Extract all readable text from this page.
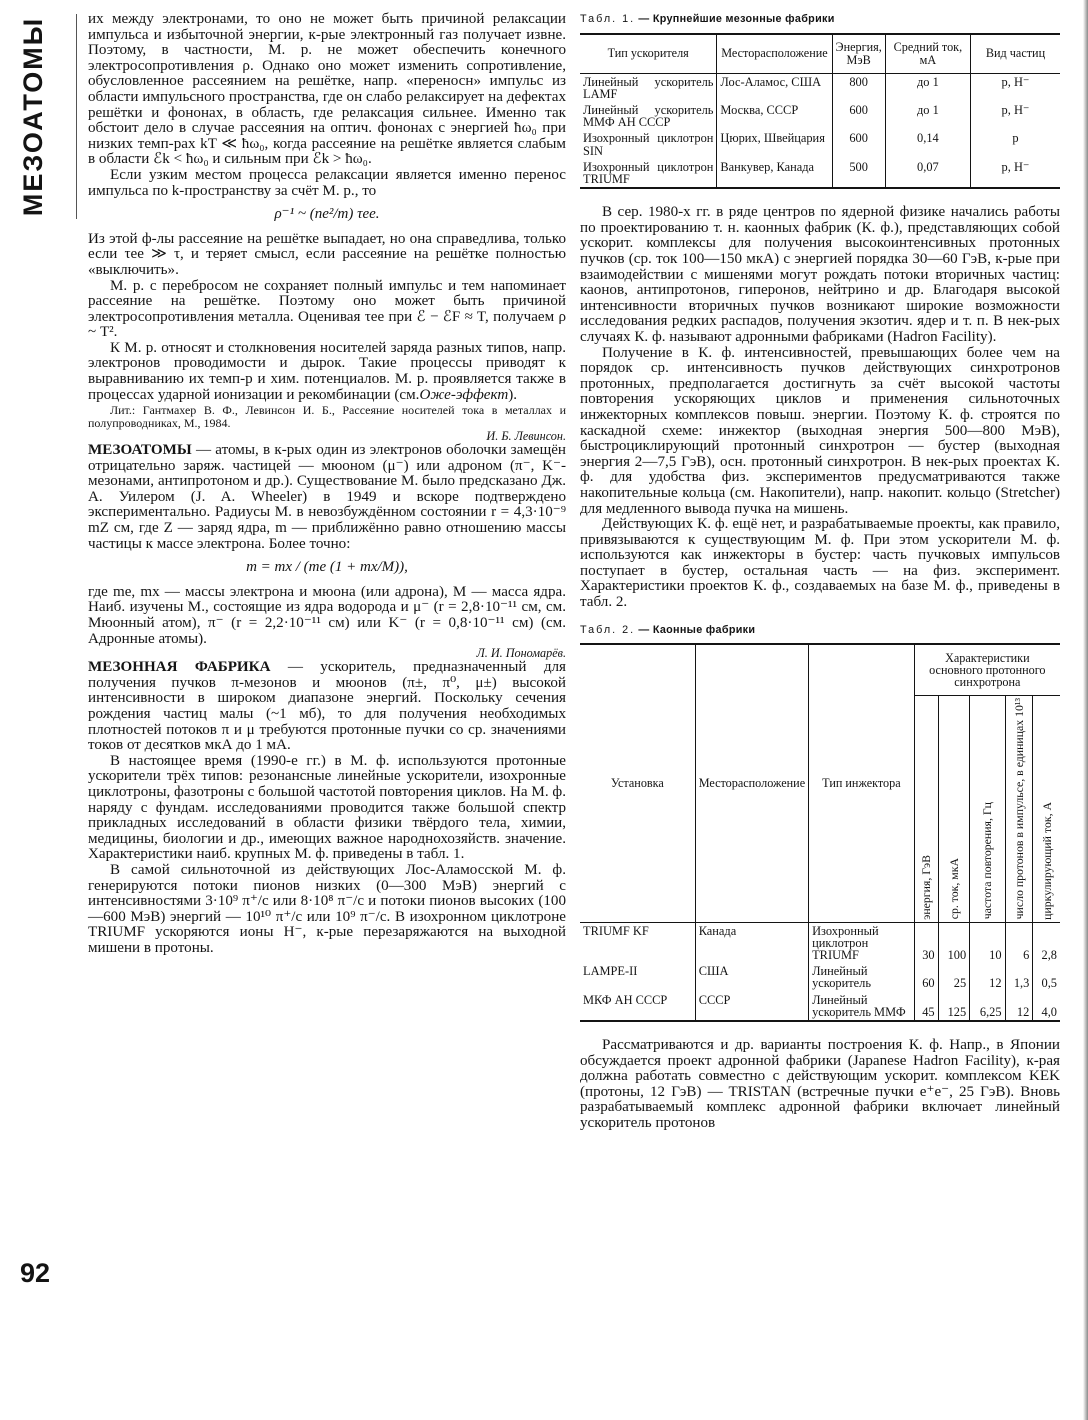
МЕЗОАТОМЫ
92

их между электронами, то оно не может быть причиной релаксации импульса и избыточной энергии, к-рые электронный газ получает извне. Поэтому, в частности, М. р. не может обеспечить конечного электросопротивления ρ. Однако оно может изменить сопротивление, обусловленное рассеянием на решётке, напр. «переносн» импульс из области импульсного пространства, где он слабо релаксирует на дефектах решётки и фононах, в область, где релаксация сильнее. Именно так обстоит дело в случае рассеяния на оптич. фононах с энергией ħω₀ при низких темп-рах kT ≪ ħω₀, когда рассеяние на решётке является слабым в области ℰk < ħω₀ и сильным при ℰk > ħω₀.

Если узким местом процесса релаксации является именно перенос импульса по k-пространству за счёт М. р., то

ρ⁻¹ ~ (ne²/m) τee.

Из этой ф-лы рассеяние на решётке выпадает, но она справедлива, только если τee ≫ τ, и теряет смысл, если рассеяние на решётке полностью «выключить».

М. р. с перебросом не сохраняет полный импульс и тем напоминает рассеяние на решётке. Поэтому оно может быть причиной электросопротивления металла. Оценивая τee при ℰ − ℰF ≈ T, получаем ρ ~ T².

К М. р. относят и столкновения носителей заряда разных типов, напр. электронов проводимости и дырок. Такие процессы приводят к выравниванию их темп-р и хим. потенциалов. М. р. проявляется также в процессах ударной ионизации и рекомбинации (см.Оже-эффект).

Лит.: Гантмахер В. Ф., Левинсон И. Б., Рассеяние носителей тока в металлах и полупроводниках, М., 1984.
И. Б. Левинсон.

МЕЗОАТОМЫ — атомы, в к-рых один из электронов оболочки замещён отрицательно заряж. частицей — мюоном (μ⁻) или адроном (π⁻, K⁻-мезонами, антипротоном и др.). Существование М. было предсказано Дж. А. Уилером (J. A. Wheeler) в 1949 и вскоре подтверждено экспериментально. Радиусы М. в невозбуждённом состоянии r = 4,3·10⁻⁹ mZ см, где Z — заряд ядра, m — приближённо равно отношению массы частицы к массе электрона. Более точно:

m = mx / (me (1 + mx/M)),

где me, mx — массы электрона и мюона (или адрона), M — масса ядра. Наиб. изучены М., состоящие из ядра водорода и μ⁻ (r = 2,8·10⁻¹¹ см, см. Мюонный атом), π⁻ (r = 2,2·10⁻¹¹ см) или K⁻ (r = 0,8·10⁻¹¹ см) (см. Адронные атомы).

Л. И. Пономарёв.

МЕЗОННАЯ ФАБРИКА — ускоритель, предназначенный для получения пучков π-мезонов и мюонов (π±, π⁰, μ±) высокой интенсивности в широком диапазоне энергий. Поскольку сечения рождения частиц малы (~1 мб), то для получения необходимых плотностей потоков π и μ требуются протонные пучки со ср. значениями токов от десятков мкА до 1 мА.

В настоящее время (1990-е гг.) в М. ф. используются протонные ускорители трёх типов: резонансные линейные ускорители, изохронные циклотроны, фазотроны с большой частотой повторения циклов. На М. ф. наряду с фундам. исследованиями проводится также большой спектр прикладных исследований в области физики твёрдого тела, химии, медицины, биологии и др., имеющих важное народнохозяйств. значение. Характеристики наиб. крупных М. ф. приведены в табл. 1.

В самой сильноточной из действующих Лос-Аламосской М. ф. генерируются потоки пионов низких (0—300 МэВ) энергий с интенсивностями 3·10⁹ π⁺/с или 8·10⁸ π⁻/с и потоки пионов высоких (100—600 МэВ) энергий — 10¹⁰ π⁺/с или 10⁹ π⁻/с. В изохронном циклотроне TRIUMF ускоряются ионы H⁻, к-рые перезаряжаются на выходной мишени в протоны.

Табл. 1. — Крупнейшие мезонные фабрики
Тип ускорителя	Месторасположение	Энергия, МэВ	Средний ток, мА	Вид частиц
Линейный ускоритель LAMF	Лос-Аламос, США	800	до 1	p, H⁻
Линейный ускоритель ММФ АН СССР	Москва, СССР	600	до 1	p, H⁻
Изохронный циклотрон SIN	Цюрих, Швейцария	600	0,14	p
Изохронный циклотрон TRIUMF	Ванкувер, Канада	500	0,07	p, H⁻

В сер. 1980-х гг. в ряде центров по ядерной физике начались работы по проектированию т. н. каонных фабрик (К. ф.), представляющих собой ускорит. комплексы для получения высокоинтенсивных протонных пучков (ср. ток 100—150 мкА) с энергией порядка 30—60 ГэВ, к-рые при взаимодействии с мишенями могут рождать потоки вторичных частиц: каонов, антипротонов, гиперонов, нейтрино и др. Благодаря высокой интенсивности вторичных пучков возникают широкие возможности исследования редких распадов, получения экзотич. ядер и т. п. В нек-рых случаях К. ф. называют адронными фабриками (Hadron Facility).

Получение в К. ф. интенсивностей, превышающих более чем на порядок ср. интенсивность пучков действующих синхротронов протонных, предполагается достигнуть за счёт высокой частоты повторения ускоряющих циклов и применения сильноточных инжекторных комплексов повыш. энергии. Поэтому К. ф. строятся по каскадной схеме: инжектор (выходная энергия 500—800 МэВ), быстроциклирующий протонный синхротрон — бустер (выходная энергия 2—7,5 ГэВ), осн. протонный синхротрон. В нек-рых проектах К. ф. для удобства физ. экспериментов предусматриваются также накопительные кольца (см. Накопители), напр. накопит. кольцо (Stretcher) для медленного вывода пучка на мишень.

Действующих К. ф. ещё нет, и разрабатываемые проекты, как правило, привязываются к существующим М. ф. При этом ускорители М. ф. используются как инжекторы в бустер: часть пучковых импульсов поступает в бустер, остальная часть — на физ. эксперимент. Характеристики проектов К. ф., создаваемых на базе М. ф., приведены в табл. 2.

Табл. 2. — Каонные фабрики
Установка	Месторасположение	Тип инжектора	Характеристики основного протонного синхротрона				

			энергия, ГэВ	ср. ток, мкА	частота повторения, Гц	число протонов в импульсе, в единицах 10¹³	циркулирующий ток, А

TRIUMF KF	Канада	Изохронный циклотрон TRIUMF	30	100	10	6	2,8
LAMPE-II	США	Линейный ускоритель	60	25	12	1,3	0,5
МКФ АН СССР	СССР	Линейный ускоритель ММФ	45	125	6,25	12	4,0

Рассматриваются и др. варианты построения К. ф. Напр., в Японии обсуждается проект адронной фабрики (Japanese Hadron Facility), к-рая должна работать совместно с действующим ускорит. комплексом KEK (протоны, 12 ГэВ) — TRISTAN (встречные пучки e⁺e⁻, 25 ГэВ). Вновь разрабатываемый комплекс адронной фабрики включает линейный ускоритель протонов
